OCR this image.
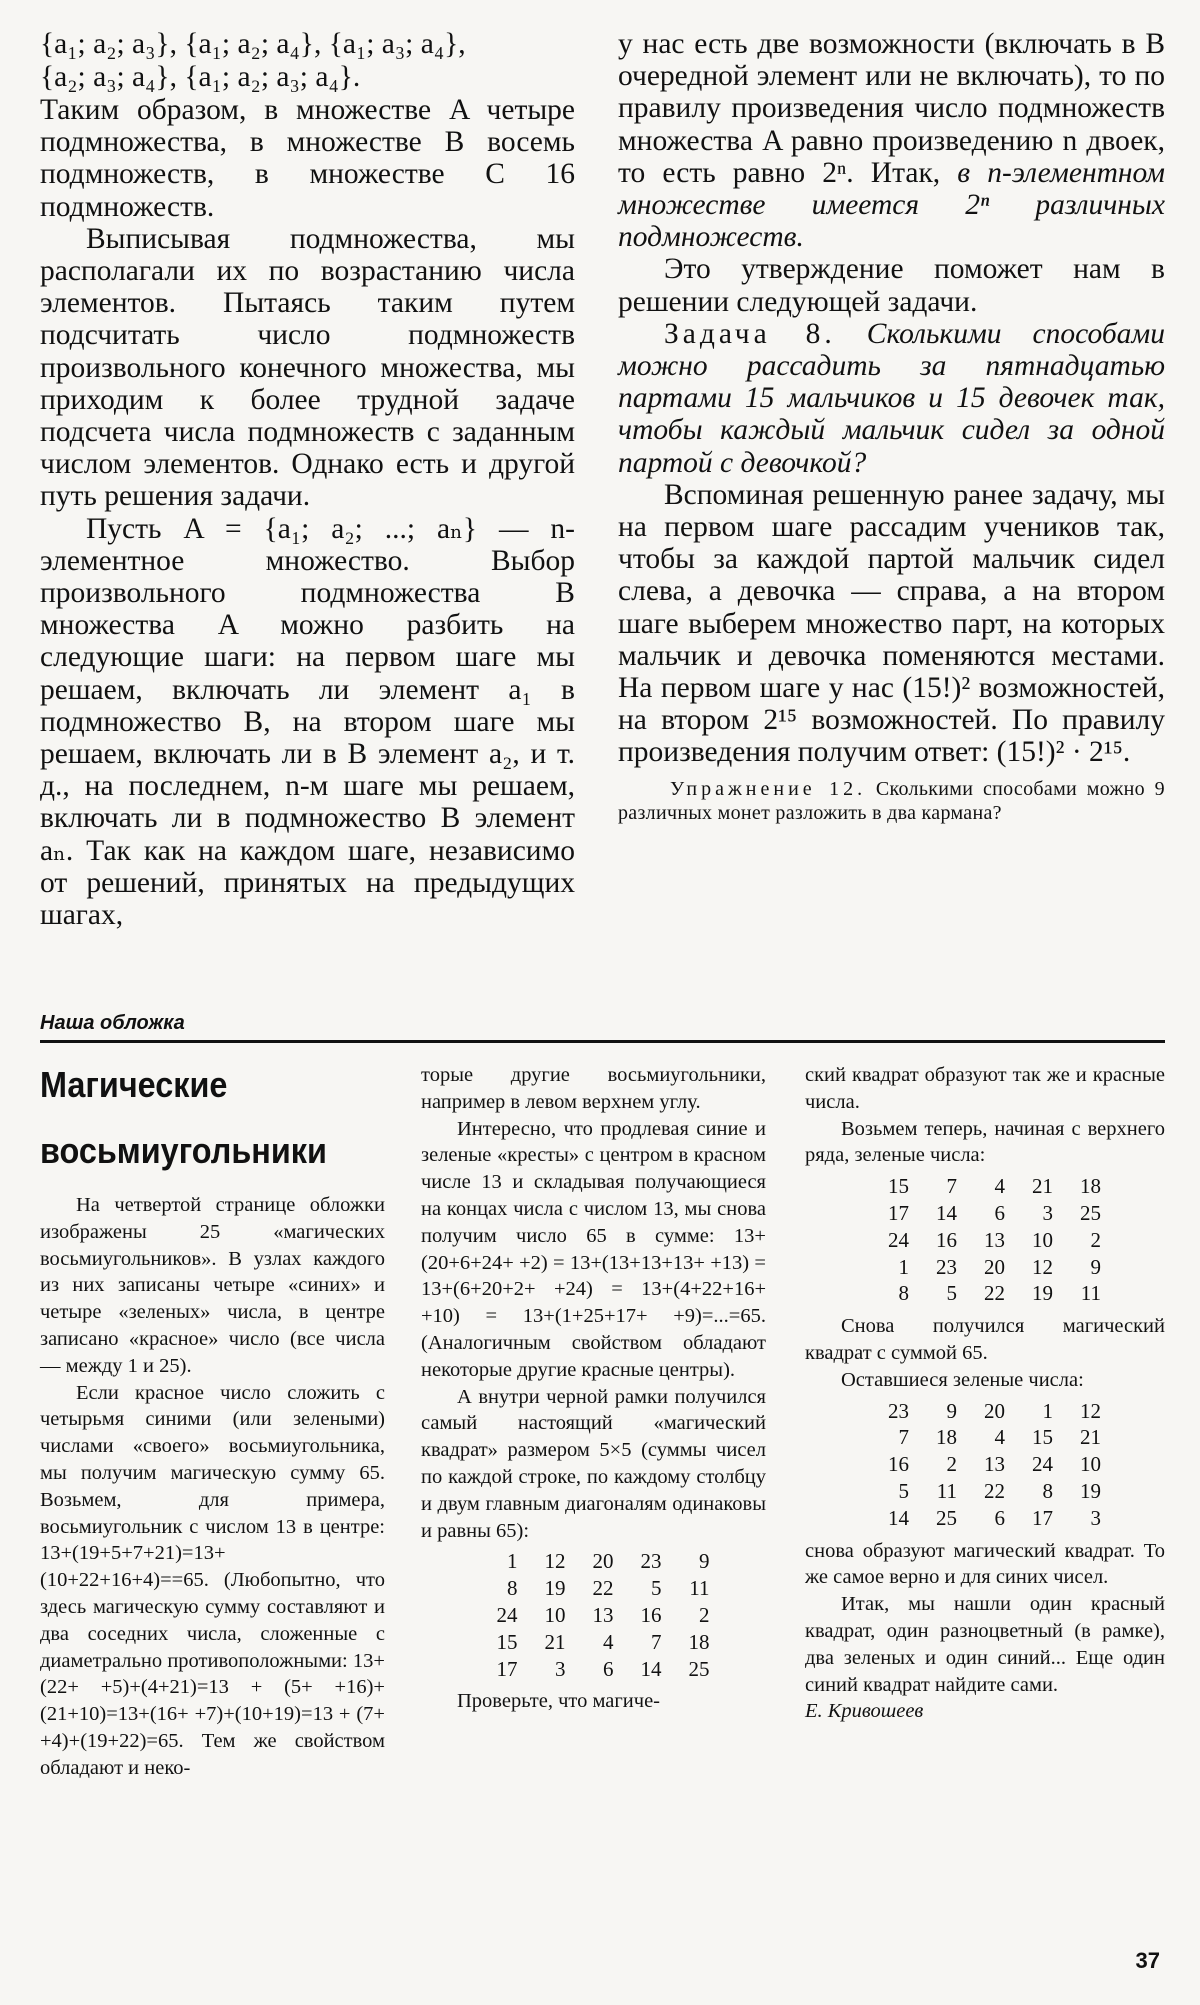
{a₁; a₂; a₃}, {a₁; a₂; a₄}, {a₁; a₃; a₄},

{a₂; a₃; a₄}, {a₁; a₂; a₃; a₄}.

Таким образом, в множестве A четыре подмножества, в множестве B восемь подмножеств, в множестве C 16 подмножеств.

Выписывая подмножества, мы располагали их по возрастанию числа элементов. Пытаясь таким путем подсчитать число подмножеств произвольного конечного множества, мы приходим к более трудной задаче подсчета числа подмножеств с заданным числом элементов. Однако есть и другой путь решения задачи.

Пусть A = {a₁; a₂; ...; aₙ} — n-элементное множество. Выбор произвольного подмножества B множества A можно разбить на следующие шаги: на первом шаге мы решаем, включать ли элемент a₁ в подмножество B, на втором шаге мы решаем, включать ли в B элемент a₂, и т. д., на последнем, n-м шаге мы решаем, включать ли в подмножество B элемент aₙ. Так как на каждом шаге, независимо от решений, принятых на предыдущих шагах,

у нас есть две возможности (включать в B очередной элемент или не включать), то по правилу произведения число подмножеств множества A равно произведению n двоек, то есть равно 2ⁿ. Итак, в n-элементном множестве имеется 2ⁿ различных подмножеств.

Это утверждение поможет нам в решении следующей задачи.

Задача 8. Сколькими способами можно рассадить за пятнадцатью партами 15 мальчиков и 15 девочек так, чтобы каждый мальчик сидел за одной партой с девочкой?

Вспоминая решенную ранее задачу, мы на первом шаге рассадим учеников так, чтобы за каждой партой мальчик сидел слева, а девочка — справа, а на втором шаге выберем множество парт, на которых мальчик и девочка поменяются местами. На первом шаге у нас (15!)² возможностей, на втором 2¹⁵ возможностей. По правилу произведения получим ответ: (15!)² · 2¹⁵.

Упражнение 12. Сколькими способами можно 9 различных монет разложить в два кармана?

Наша обложка
Магические
восьмиугольники

На четвертой странице обложки изображены 25 «магических восьмиугольников». В узлах каждого из них записаны четыре «синих» и четыре «зеленых» числа, в центре записано «красное» число (все числа — между 1 и 25).

Если красное число сложить с четырьмя синими (или зелеными) числами «своего» восьмиугольника, мы получим магическую сумму 65. Возьмем, для примера, восьмиугольник с числом 13 в центре: 13+(19+5+7+21)=13+(10+22+16+4)==65. (Любопытно, что здесь магическую сумму составляют и два соседних числа, сложенные с диаметрально противоположными: 13+(22+ +5)+(4+21)=13 + (5+ +16)+(21+10)=13+(16+ +7)+(10+19)=13 + (7+ +4)+(19+22)=65. Тем же свойством обладают и неко-

торые другие восьмиугольники, например в левом верхнем углу.

Интересно, что продлевая синие и зеленые «кресты» с центром в красном числе 13 и складывая получающиеся на концах числа с числом 13, мы снова получим число 65 в сумме: 13+(20+6+24+ +2) = 13+(13+13+13+ +13) = 13+(6+20+2+ +24) = 13+(4+22+16+ +10) = 13+(1+25+17+ +9)=...=65. (Аналогичным свойством обладают некоторые другие красные центры).

А внутри черной рамки получился самый настоящий «магический квадрат» размером 5×5 (суммы чисел по каждой строке, по каждому столбцу и двум главным диагоналям одинаковы и равны 65):

1	12	20	23	9
8	19	22	5	11
24	10	13	16	2
15	21	4	7	18
17	3	6	14	25

Проверьте, что магиче-

ский квадрат образуют так же и красные числа.

Возьмем теперь, начиная с верхнего ряда, зеленые числа:

15	7	4	21	18
17	14	6	3	25
24	16	13	10	2
1	23	20	12	9
8	5	22	19	11

Снова получился магический квадрат с суммой 65.

Оставшиеся зеленые числа:

23	9	20	1	12
7	18	4	15	21
16	2	13	24	10
5	11	22	8	19
14	25	6	17	3

снова образуют магический квадрат. То же самое верно и для синих чисел.

Итак, мы нашли один красный квадрат, один разноцветный (в рамке), два зеленых и один синий... Еще один синий квадрат найдите сами.

Е. Кривошеев

37
